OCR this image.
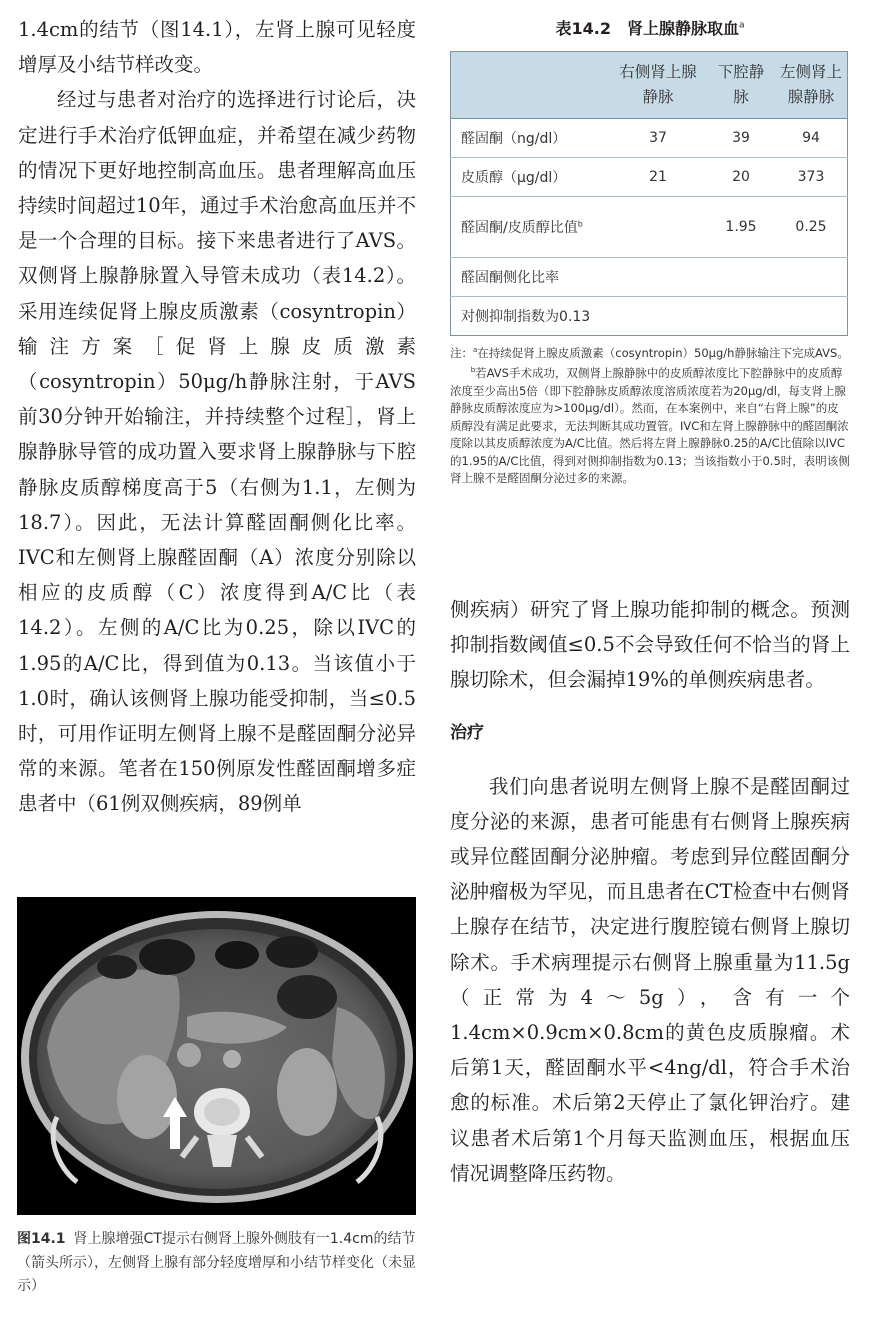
1.4cm的结节（图14.1），左肾上腺可见轻度增厚及小结节样改变。

经过与患者对治疗的选择进行讨论后，决定进行手术治疗低钾血症，并希望在减少药物的情况下更好地控制高血压。患者理解高血压持续时间超过10年，通过手术治愈高血压并不是一个合理的目标。接下来患者进行了AVS。双侧肾上腺静脉置入导管未成功（表14.2）。采用连续促肾上腺皮质激素（cosyntropin）输注方案［促肾上腺皮质激素（cosyntropin）50μg/h静脉注射，于AVS前30分钟开始输注，并持续整个过程］，肾上腺静脉导管的成功置入要求肾上腺静脉与下腔静脉皮质醇梯度高于5（右侧为1.1，左侧为18.7）。因此，无法计算醛固酮侧化比率。IVC和左侧肾上腺醛固酮（A）浓度分别除以相应的皮质醇（C）浓度得到A/C比（表14.2）。左侧的A/C比为0.25，除以IVC的1.95的A/C比，得到值为0.13。当该值小于1.0时，确认该侧肾上腺功能受抑制，当≤0.5时，可用作证明左侧肾上腺不是醛固酮分泌异常的来源。笔者在150例原发性醛固酮增多症患者中（61例双侧疾病，89例单

表14.2　肾上腺静脉取血$^a$
	右侧肾上腺静脉	下腔静脉	左侧肾上腺静脉
醛固酮（ng/dl）	37	39	94
皮质醇（μg/dl）	21	20	373
醛固酮/皮质醇比值$^b$		1.95	0.25
醛固酮侧化比率			
对侧抑制指数为0.13			

注：$^a$在持续促肾上腺皮质激素（cosyntropin）50μg/h静脉输注下完成AVS。

$^b$若AVS手术成功，双侧肾上腺静脉中的皮质醇浓度比下腔静脉中的皮质醇浓度至少高出5倍（即下腔静脉皮质醇浓度溶质浓度若为20μg/dl，每支肾上腺静脉皮质醇浓度应为>100μg/dl）。然而，在本案例中，来自“右肾上腺”的皮质醇没有满足此要求，无法判断其成功置管。IVC和左肾上腺静脉中的醛固酮浓度除以其皮质醇浓度为A/C比值。然后将左肾上腺静脉0.25的A/C比值除以IVC的1.95的A/C比值，得到对侧抑制指数为0.13；当该指数小于0.5时，表明该侧肾上腺不是醛固酮分泌过多的来源。

侧疾病）研究了肾上腺功能抑制的概念。预测抑制指数阈值≤0.5不会导致任何不恰当的肾上腺切除术，但会漏掉19%的单侧疾病患者。

治疗

我们向患者说明左侧肾上腺不是醛固酮过度分泌的来源，患者可能患有右侧肾上腺疾病或异位醛固酮分泌肿瘤。考虑到异位醛固酮分泌肿瘤极为罕见，而且患者在CT检查中右侧肾上腺存在结节，决定进行腹腔镜右侧肾上腺切除术。手术病理提示右侧肾上腺重量为11.5g（正常为4～5g），含有一个1.4cm×0.9cm×0.8cm的黄色皮质腺瘤。术后第1天，醛固酮水平<4ng/dl，符合手术治愈的标准。术后第2天停止了氯化钾治疗。建议患者术后第1个月每天监测血压，根据血压情况调整降压药物。

图14.1 肾上腺增强CT提示右侧肾上腺外侧肢有一1.4cm的结节（箭头所示），左侧肾上腺有部分轻度增厚和小结节样变化（未显示）
